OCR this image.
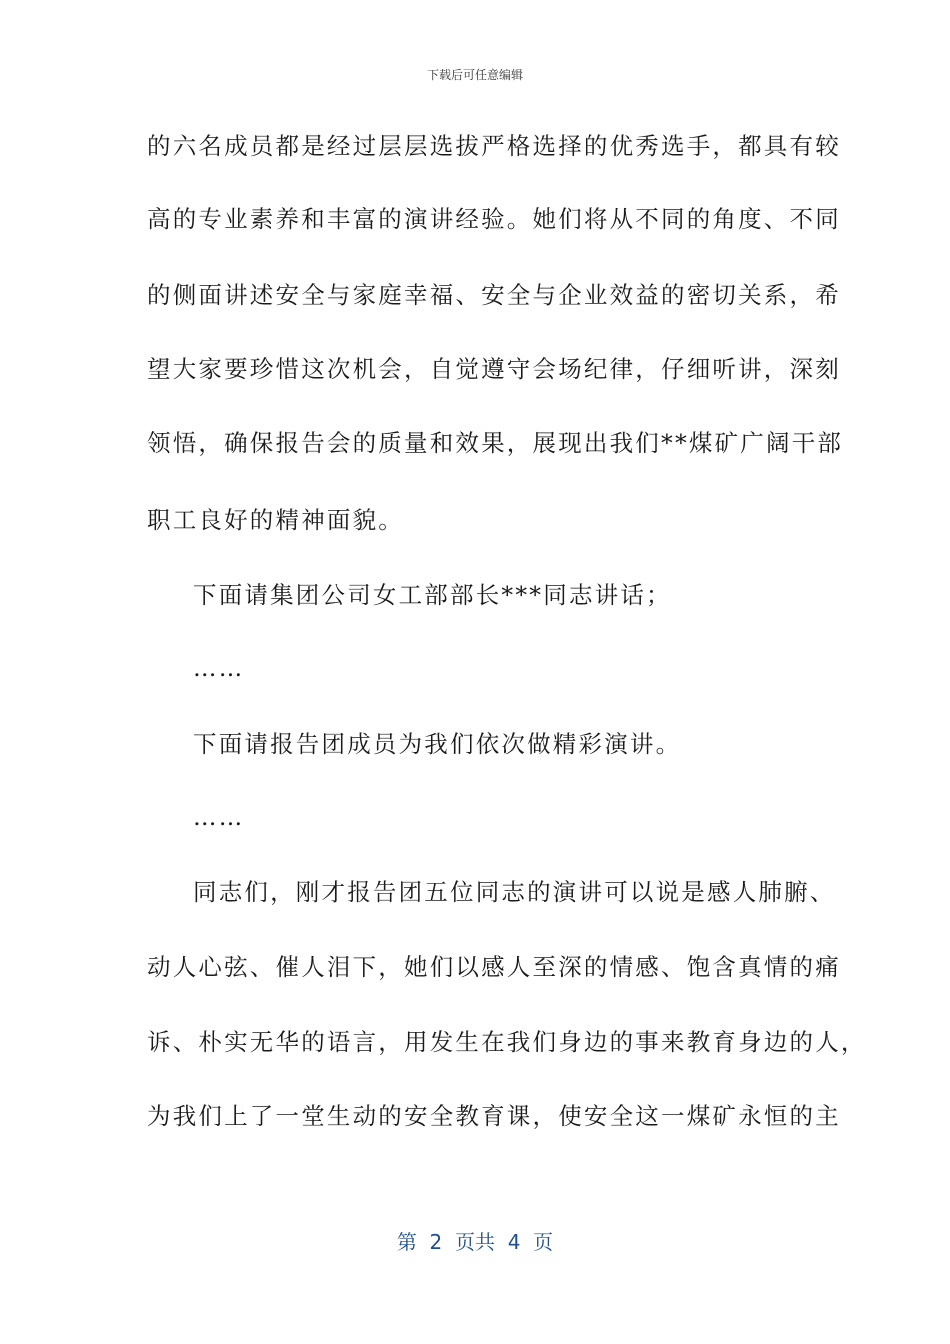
下载后可任意编辑
的六名成员都是经过层层选拔严格选择的优秀选手，都具有较
高的专业素养和丰富的演讲经验。她们将从不同的角度、不同
的侧面讲述安全与家庭幸福、安全与企业效益的密切关系，希
望大家要珍惜这次机会，自觉遵守会场纪律，仔细听讲，深刻
领悟，确保报告会的质量和效果，展现出我们**煤矿广阔干部
职工良好的精神面貌。
下面请集团公司女工部部长***同志讲话；
……
下面请报告团成员为我们依次做精彩演讲。
……
同志们，刚才报告团五位同志的演讲可以说是感人肺腑、
动人心弦、催人泪下，她们以感人至深的情感、饱含真情的痛
诉、朴实无华的语言，用发生在我们身边的事来教育身边的人，
为我们上了一堂生动的安全教育课，使安全这一煤矿永恒的主
第  2  页共  4  页
